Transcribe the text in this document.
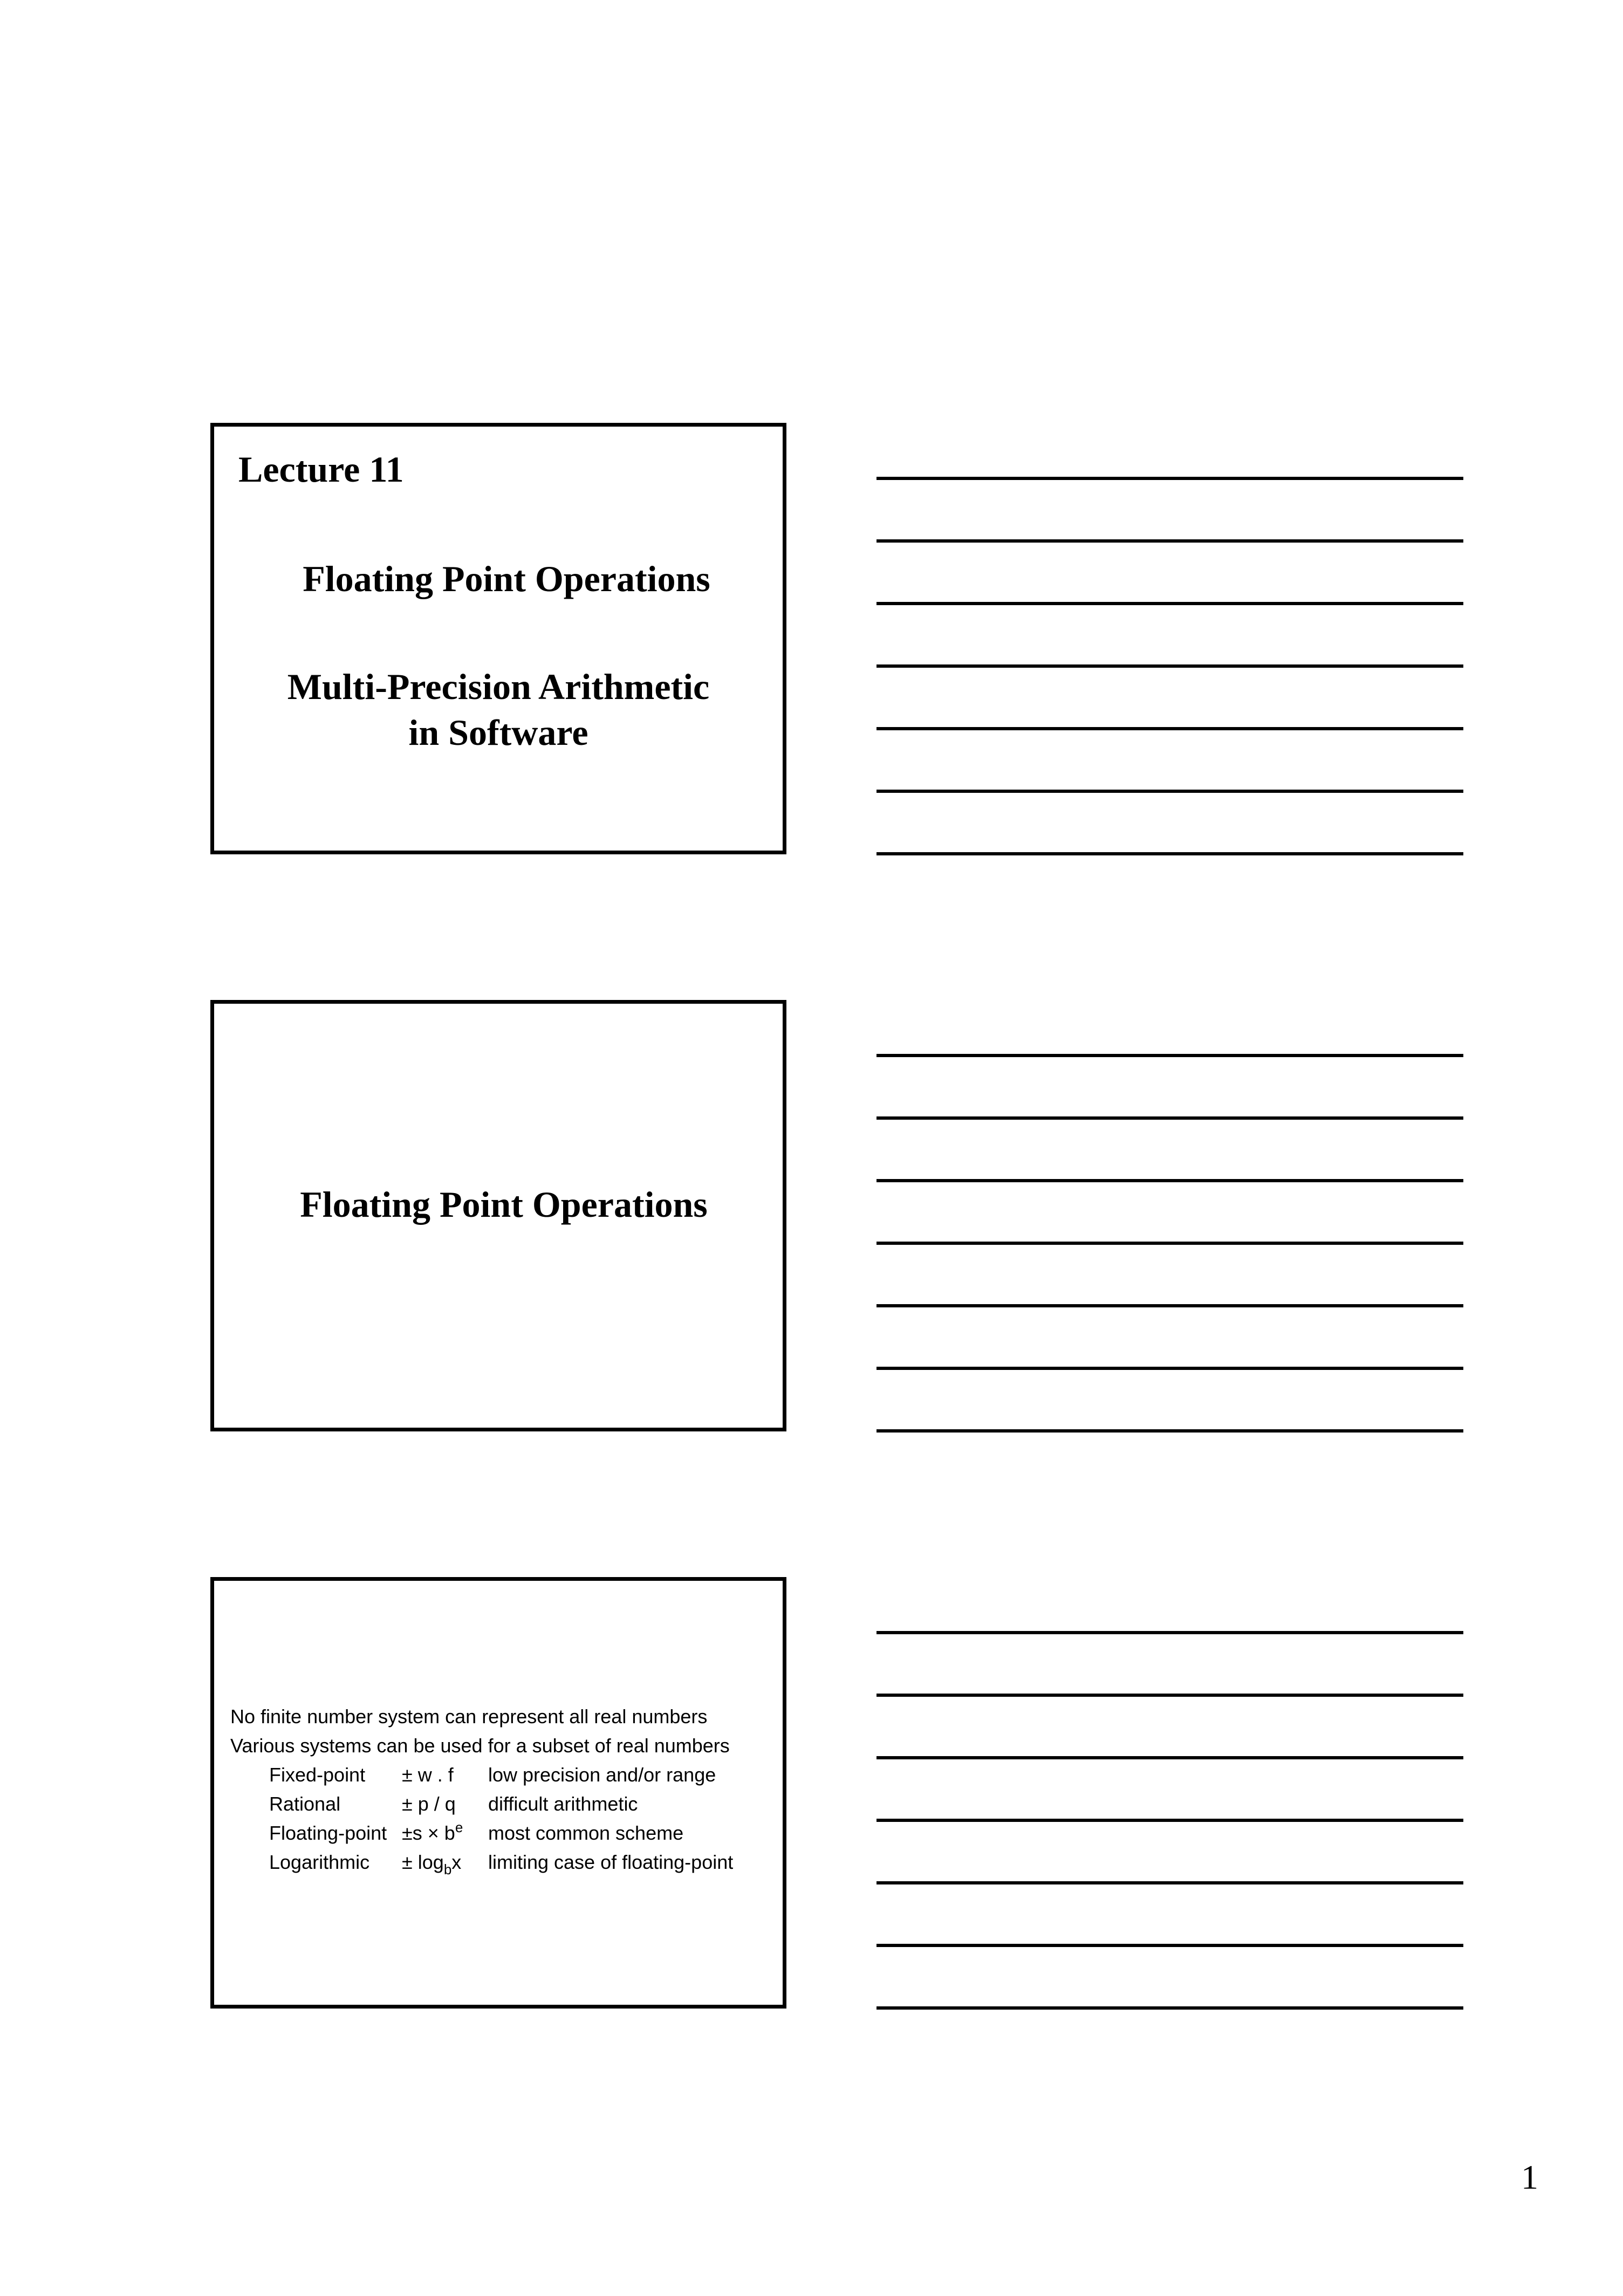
Lecture 11
Floating Point Operations
Multi-Precision Arithmetic
in Software
Floating Point Operations
No finite number system can represent all real numbers
Various systems can be used for a subset of real numbers
Fixed-point	± w . f	low precision and/or range
Rational	± p / q	difficult arithmetic
Floating-point	$\pm s \times b^e$	most common scheme
Logarithmic	± $\log_bx$	limiting case of floating-point
1
